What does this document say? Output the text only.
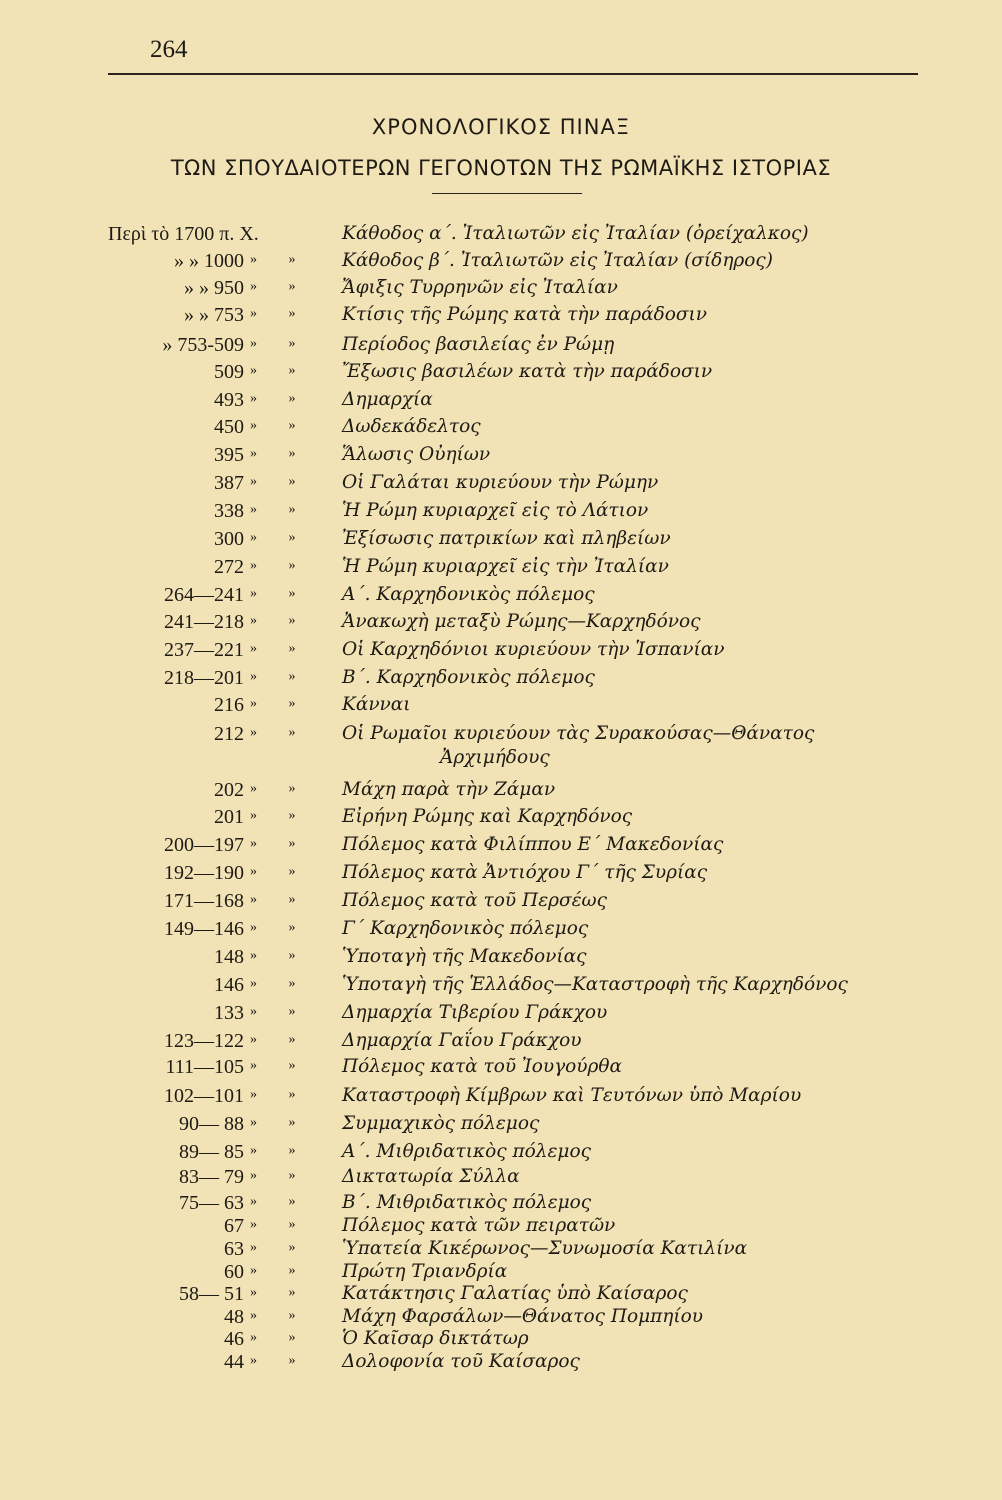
264
ΧΡΟΝΟΛΟΓΙΚΟΣ ΠΙΝΑΞ
ΤΩΝ ΣΠΟΥΔΑΙΟΤΕΡΩΝ ΓΕΓΟΝΟΤΩΝ ΤΗΣ ΡΩΜΑΪΚΗΣ ΙΣΤΟΡΙΑΣ
Περὶ τὸ 1700 π. Χ.	Κάθοδος α΄. Ἰταλιωτῶν εἰς Ἰταλίαν (ὀρείχαλκος)
» » 1000 » » Κάθοδος β΄. Ἰταλιωτῶν εἰς Ἰταλίαν (σίδηρος)
» » 950 » » Ἄφιξις Τυρρηνῶν εἰς Ἰταλίαν
» » 753 » » Κτίσις τῆς Ρώμης κατὰ τὴν παράδοσιν
» 753-509 » » Περίοδος βασιλείας ἐν Ρώμῃ
509 » » Ἔξωσις βασιλέων κατὰ τὴν παράδοσιν
493 » » Δημαρχία
450 » » Δωδεκάδελτος
395 » » Ἅλωσις Οὐηίων
387 » » Οἱ Γαλάται κυριεύουν τὴν Ρώμην
338 » » Ἡ Ρώμη κυριαρχεῖ εἰς τὸ Λάτιον
300 » » Ἐξίσωσις πατρικίων καὶ πληβείων
272 » » Ἡ Ρώμη κυριαρχεῖ εἰς τὴν Ἰταλίαν
264—241 » » Α΄. Καρχηδονικὸς πόλεμος
241—218 » » Ἀνακωχὴ μεταξὺ Ρώμης—Καρχηδόνος
237—221 » » Οἱ Καρχηδόνιοι κυριεύουν τὴν Ἱσπανίαν
218—201 » » Β΄. Καρχηδονικὸς πόλεμος
216 » » Κάνναι
212 » » Οἱ Ρωμαῖοι κυριεύουν τὰς Συρακούσας—Θάνατος
Ἀρχιμήδους
202 » » Μάχη παρὰ τὴν Ζάμαν
201 » » Εἰρήνη Ρώμης καὶ Καρχηδόνος
200—197 » » Πόλεμος κατὰ Φιλίππου Ε΄ Μακεδονίας
192—190 » » Πόλεμος κατὰ Ἀντιόχου Γ΄ τῆς Συρίας
171—168 » » Πόλεμος κατὰ τοῦ Περσέως
149—146 » » Γ΄ Καρχηδονικὸς πόλεμος
148 » » Ὑποταγὴ τῆς Μακεδονίας
146 » » Ὑποταγὴ τῆς Ἑλλάδος—Καταστροφὴ τῆς Καρχηδόνος
133 » » Δημαρχία Τιβερίου Γράκχου
123—122 » » Δημαρχία Γαΐου Γράκχου
111—105 » » Πόλεμος κατὰ τοῦ Ἰουγούρθα
102—101 » » Καταστροφὴ Κίμβρων καὶ Τευτόνων ὑπὸ Μαρίου
90— 88 » » Συμμαχικὸς πόλεμος
89— 85 » » Α΄. Μιθριδατικὸς πόλεμος
83— 79 » » Δικτατωρία Σύλλα
75— 63 » » Β΄. Μιθριδατικὸς πόλεμος
67 » » Πόλεμος κατὰ τῶν πειρατῶν
63 » » Ὑπατεία Κικέρωνος—Συνωμοσία Κατιλίνα
60 » » Πρώτη Τριανδρία
58— 51 » » Κατάκτησις Γαλατίας ὑπὸ Καίσαρος
48 » » Μάχη Φαρσάλων—Θάνατος Πομπηίου
46 » » Ὁ Καῖσαρ δικτάτωρ
44 » » Δολοφονία τοῦ Καίσαρος
